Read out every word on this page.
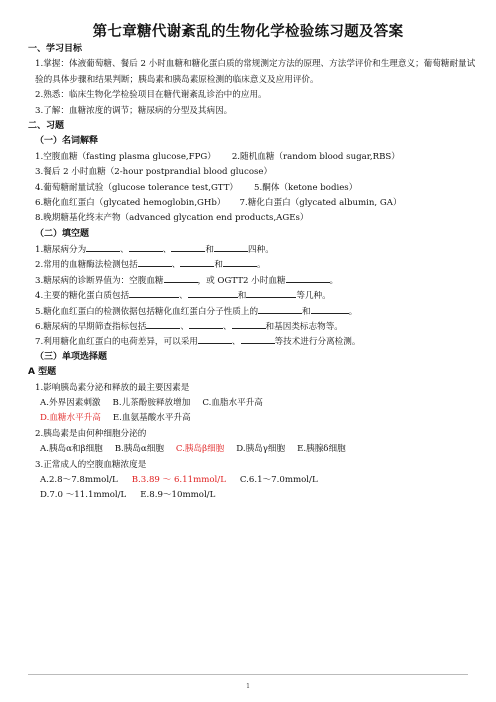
第七章糖代谢紊乱的生物化学检验练习题及答案
一、学习目标
1.掌握：体液葡萄糖、餐后 2 小时血糖和糖化蛋白质的常规测定方法的原理、方法学评价和生理意义；葡萄糖耐量试验的具体步骤和结果判断；胰岛素和胰岛素原检测的临床意义及应用评价。
2.熟悉：临床生物化学检验项目在糖代谢紊乱诊治中的应用。
3.了解：血糖浓度的调节；糖尿病的分型及其病因。
二、习题
（一）名词解释
1.空腹血糖（fasting plasma glucose,FPG） 2.随机血糖（random blood sugar,RBS）
3.餐后 2 小时血糖（2-hour postprandial blood glucose）
4.葡萄糖耐量试验（glucose tolerance test,GTT） 5.酮体（ketone bodies）
6.糖化血红蛋白（glycated hemoglobin,GHb） 7.糖化白蛋白（glycated albumin, GA）
8.晚期糖基化终末产物（advanced glycation end products,AGEs）
（二）填空题
1.糖尿病分为	、	、	和	四种。
2.常用的血糖酶法检测包括	、	和	。
3.糖尿病的诊断界值为：空腹血糖	，或 OGTT2 小时血糖	。
4.主要的糖化蛋白质包括	、	和	等几种。
5.糖化血红蛋白的检测依据包括糖化血红蛋白分子性质上的	和	。
6.糖尿病的早期筛查指标包括	、	、	和基因类标志物等。
7.利用糖化血红蛋白的电荷差异，可以采用	、	等技术进行分离检测。
（三）单项选择题
A 型题
1.影响胰岛素分泌和释放的最主要因素是
A.外界因素刺激 B.儿茶酚胺释放增加 C.血脂水平升高
D.血糖水平升高 E.血氨基酸水平升高
2.胰岛素是由何种细胞分泌的
A.胰岛α和β细胞 B.胰岛α细胞 C.胰岛β细胞 D.胰岛γ细胞 E.胰腺δ细胞
3.正常成人的空腹血糖浓度是
A.2.8～7.8mmol/L B.3.89 ～ 6.11mmol/L C.6.1～7.0mmol/L
D.7.0 ～11.1mmol/L E.8.9～10mmol/L
1
